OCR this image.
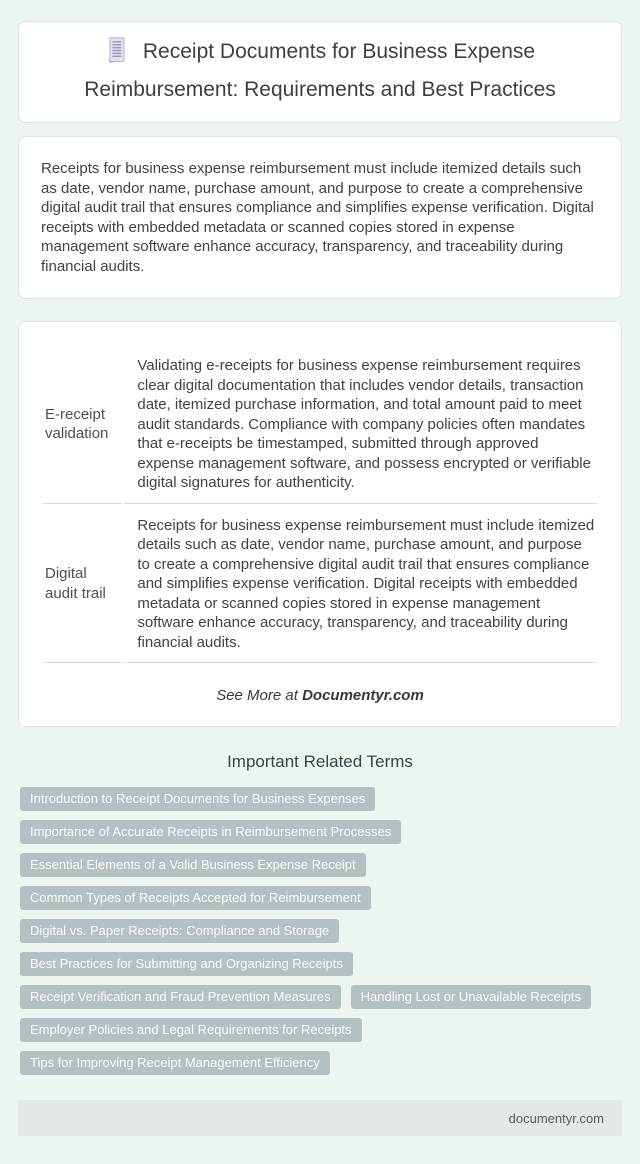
Receipt Documents for Business Expense Reimbursement: Requirements and Best Practices

Receipts for business expense reimbursement must include itemized details such as date, vendor name, purchase amount, and purpose to create a comprehensive digital audit trail that ensures compliance and simplifies expense verification. Digital receipts with embedded metadata or scanned copies stored in expense management software enhance accuracy, transparency, and traceability during financial audits.

E-receipt validation	Validating e-receipts for business expense reimbursement requires clear digital documentation that includes vendor details, transaction date, itemized purchase information, and total amount paid to meet audit standards. Compliance with company policies often mandates that e-receipts be timestamped, submitted through approved expense management software, and possess encrypted or verifiable digital signatures for authenticity.
Digital audit trail	Receipts for business expense reimbursement must include itemized details such as date, vendor name, purchase amount, and purpose to create a comprehensive digital audit trail that ensures compliance and simplifies expense verification. Digital receipts with embedded metadata or scanned copies stored in expense management software enhance accuracy, transparency, and traceability during financial audits.
See More at Documentyr.com
Important Related Terms
Introduction to Receipt Documents for Business Expenses
Importance of Accurate Receipts in Reimbursement Processes
Essential Elements of a Valid Business Expense Receipt
Common Types of Receipts Accepted for Reimbursement
Digital vs. Paper Receipts: Compliance and Storage
Best Practices for Submitting and Organizing Receipts
Receipt Verification and Fraud Prevention Measures	Handling Lost or Unavailable Receipts
Employer Policies and Legal Requirements for Receipts
Tips for Improving Receipt Management Efficiency
documentyr.com
